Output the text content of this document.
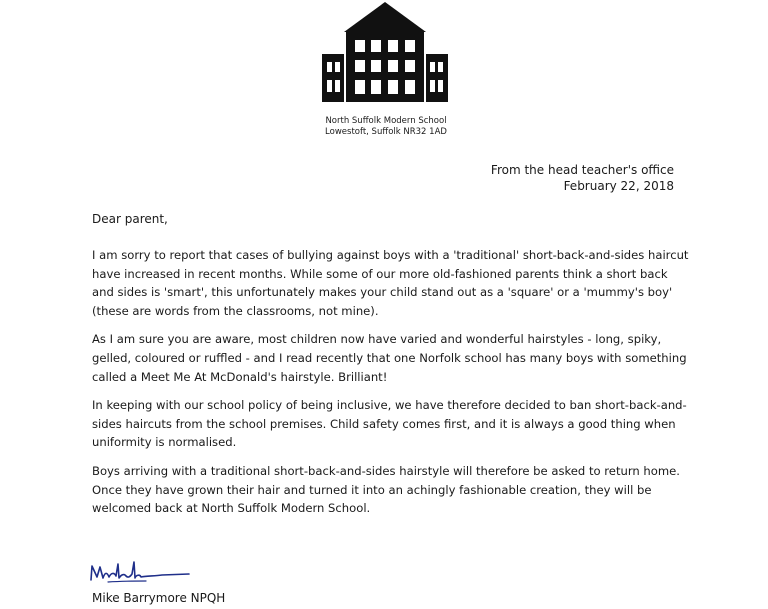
North Suffolk Modern School
Lowestoft, Suffolk NR32 1AD
From the head teacher's office
February 22, 2018
Dear parent,

I am sorry to report that cases of bullying against boys with a 'traditional' short-back-and-sides haircut have increased in recent months. While some of our more old-fashioned parents think a short back and sides is 'smart', this unfortunately makes your child stand out as a 'square' or a 'mummy's boy' (these are words from the classrooms, not mine).

As I am sure you are aware, most children now have varied and wonderful hairstyles - long, spiky, gelled, coloured or ruffled - and I read recently that one Norfolk school has many boys with something called a Meet Me At McDonald's hairstyle. Brilliant!

In keeping with our school policy of being inclusive, we have therefore decided to ban short-back-and-sides haircuts from the school premises. Child safety comes first, and it is always a good thing when uniformity is normalised.

Boys arriving with a traditional short-back-and-sides hairstyle will therefore be asked to return home. Once they have grown their hair and turned it into an achingly fashionable creation, they will be welcomed back at North Suffolk Modern School.

Mike Barrymore NPQH
